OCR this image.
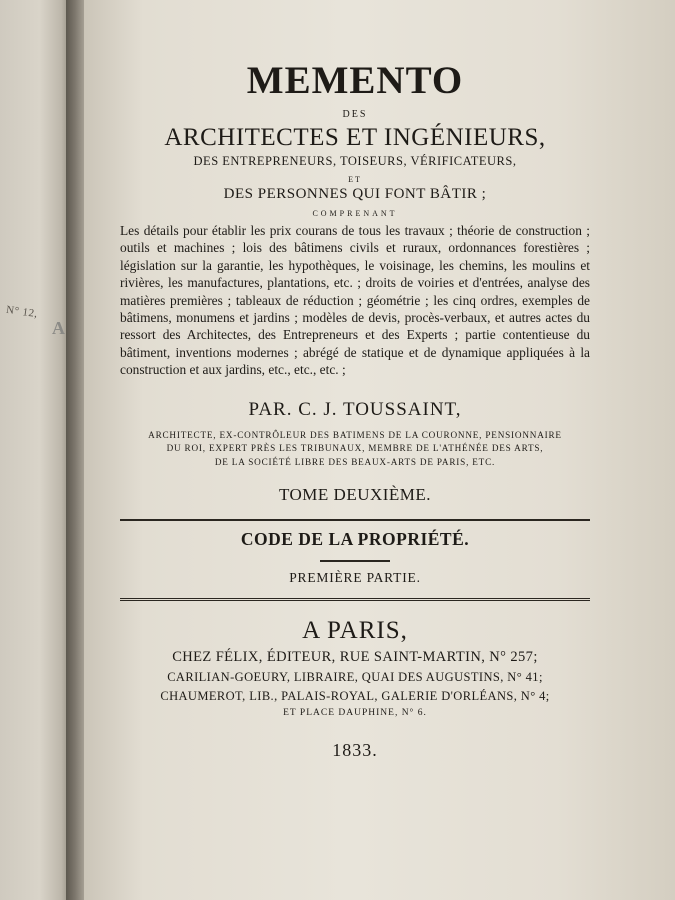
N° 12,
A
MEMENTO
DES
ARCHITECTES ET INGÉNIEURS,
DES ENTREPRENEURS, TOISEURS, VÉRIFICATEURS,
ET
DES PERSONNES QUI FONT BÂTIR ;
COMPRENANT
Les détails pour établir les prix courans de tous les travaux ; théorie de construction ; outils et machines ; lois des bâtimens civils et ruraux, ordonnances forestières ; législation sur la garantie, les hypothèques, le voisinage, les chemins, les moulins et rivières, les manufactures, plantations, etc. ; droits de voiries et d'entrées, analyse des matières premières ; tableaux de réduction ; géométrie ; les cinq ordres, exemples de bâtimens, monumens et jardins ; modèles de devis, procès-verbaux, et autres actes du ressort des Architectes, des Entrepreneurs et des Experts ; partie contentieuse du bâtiment, inventions modernes ; abrégé de statique et de dynamique appliquées à la construction et aux jardins, etc., etc., etc. ;
PAR. C. J. TOUSSAINT,
ARCHITECTE, EX-CONTRÔLEUR DES BATIMENS DE LA COURONNE, PENSIONNAIRE
DU ROI, EXPERT PRÈS LES TRIBUNAUX, MEMBRE DE L'ATHÉNÉE DES ARTS,
DE LA SOCIÉTÉ LIBRE DES BEAUX-ARTS DE PARIS, ETC.
TOME DEUXIÈME.
CODE DE LA PROPRIÉTÉ.
PREMIÈRE PARTIE.
A PARIS,
CHEZ FÉLIX, ÉDITEUR, RUE SAINT-MARTIN, N° 257;
CARILIAN-GOEURY, LIBRAIRE, QUAI DES AUGUSTINS, N° 41;
CHAUMEROT, LIB., PALAIS-ROYAL, GALERIE D'ORLÉANS, N° 4;
ET PLACE DAUPHINE, N° 6.
1833.
